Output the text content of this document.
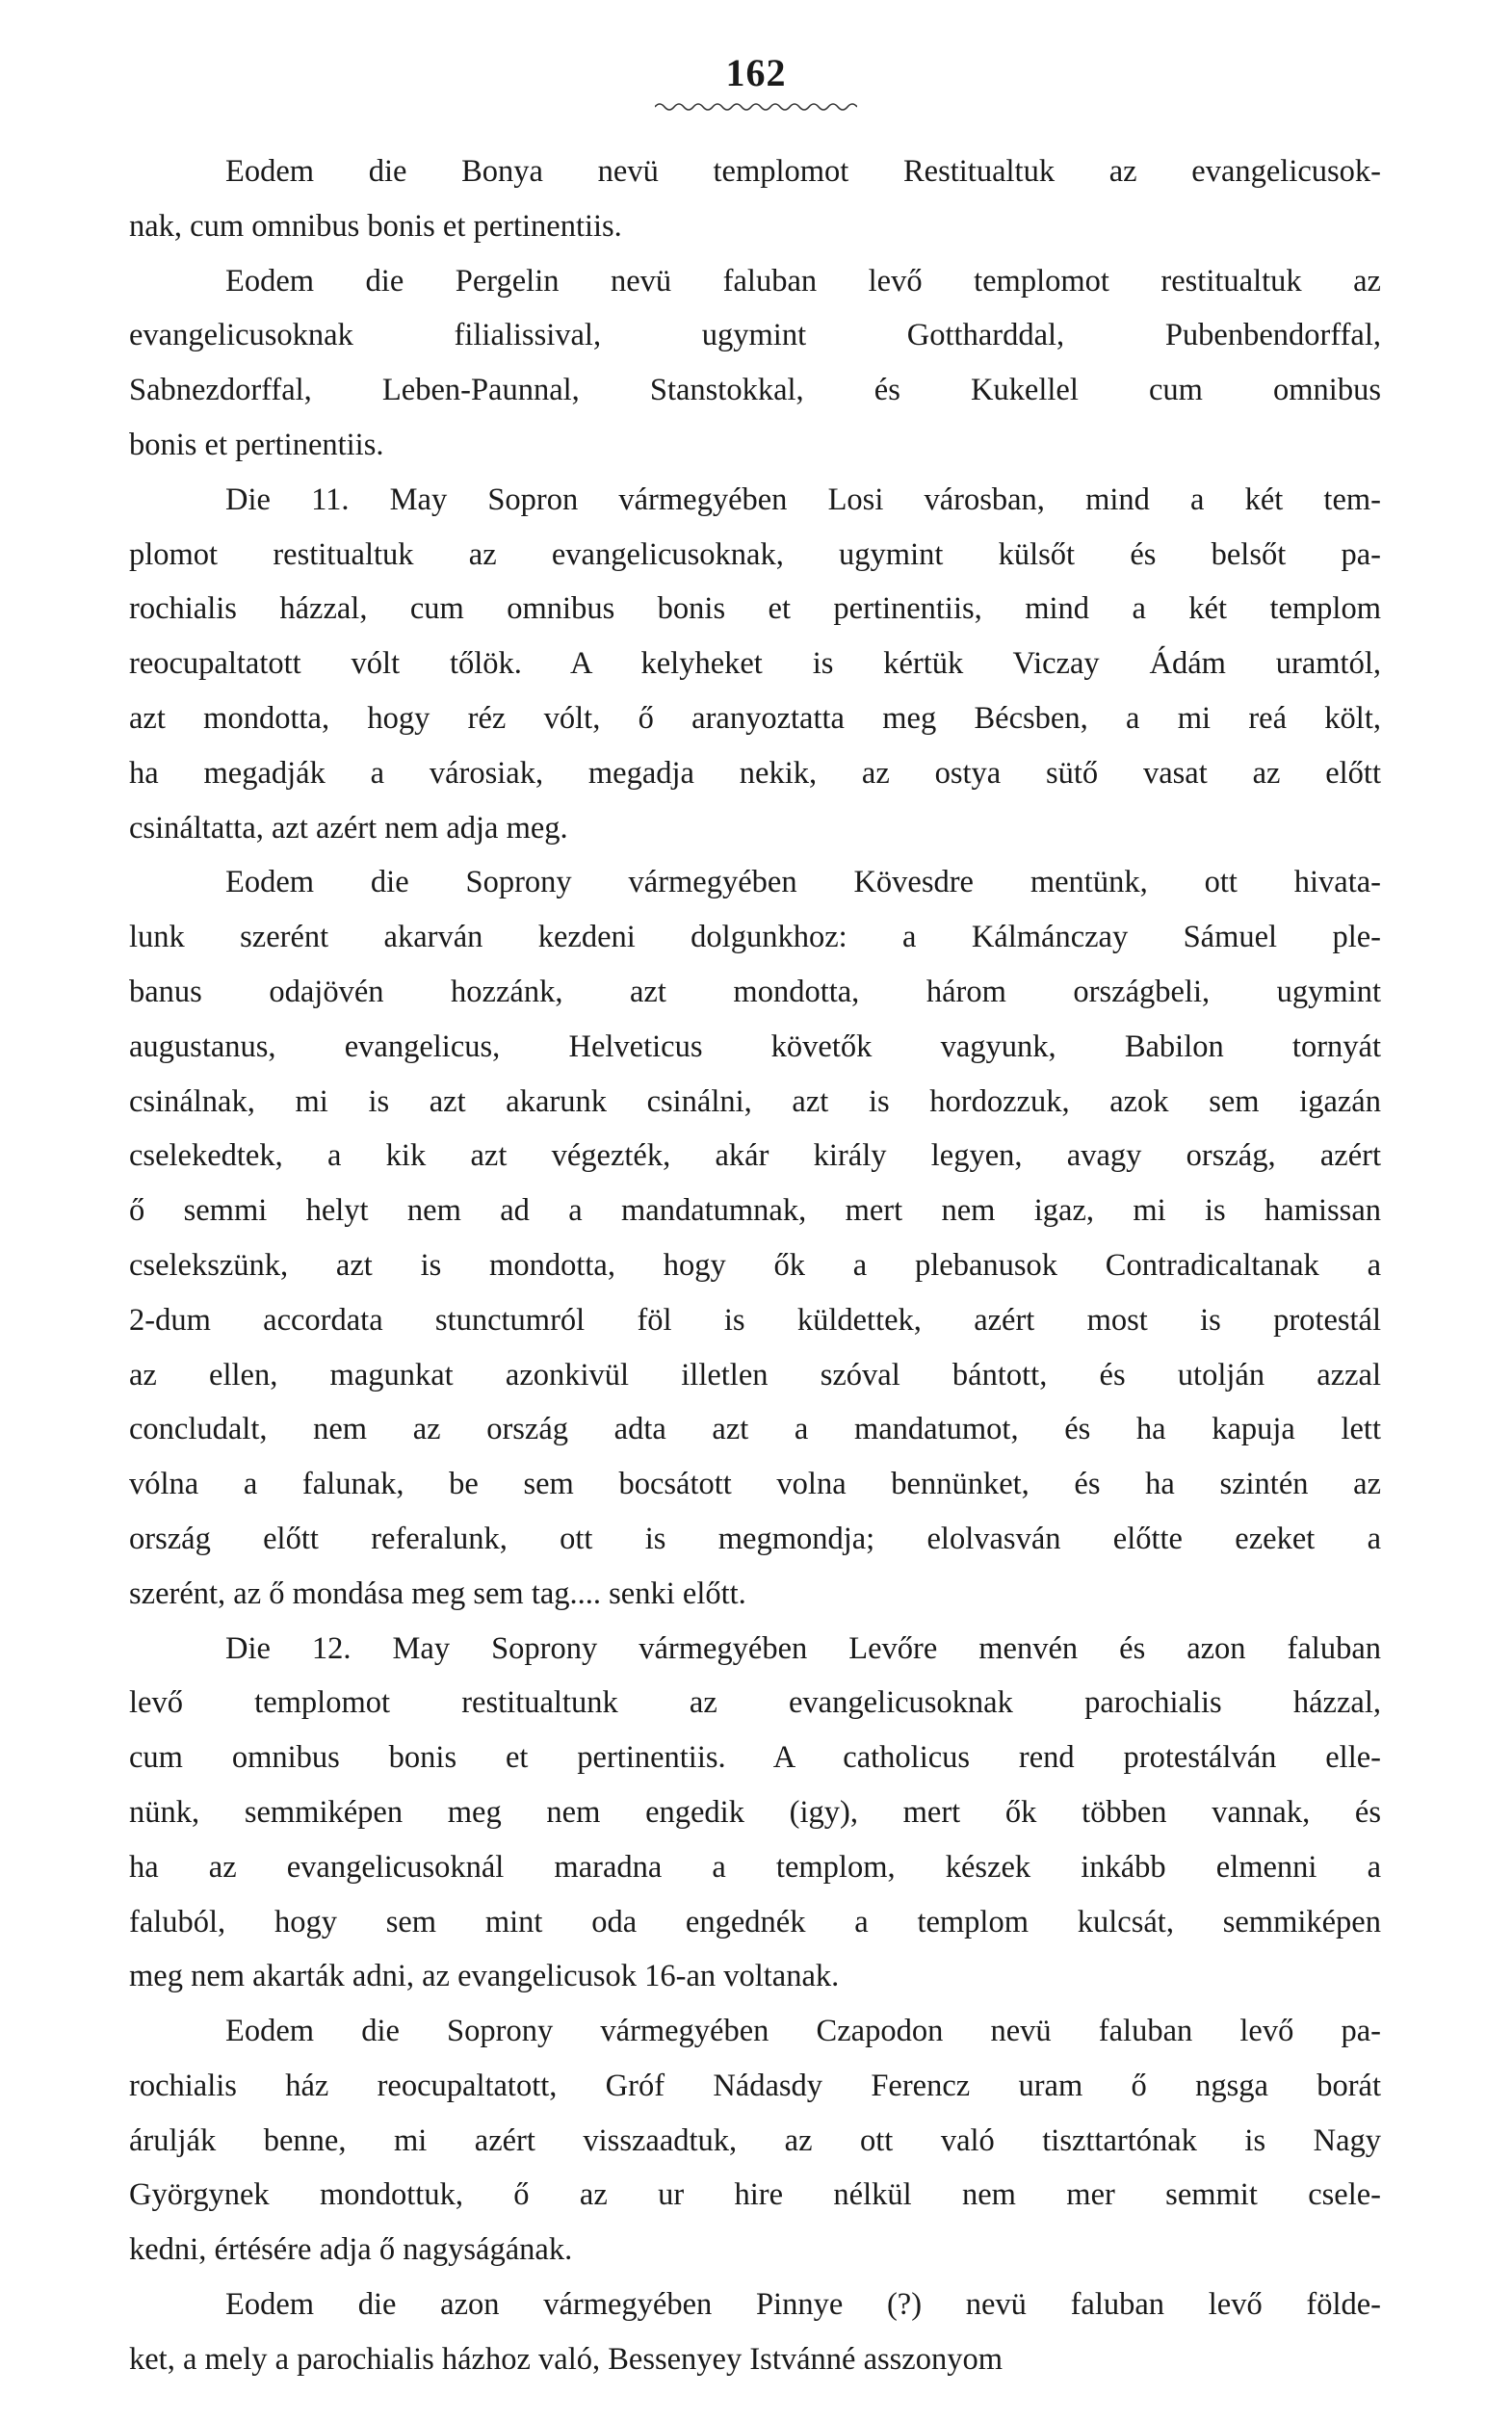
162
Eodem die Bonya nevü templomot Restitualtuk az evangelicusok-
nak, cum omnibus bonis et pertinentiis.
Eodem die Pergelin nevü faluban levő templomot restitualtuk az
evangelicusoknak filialissival, ugymint Gottharddal, Pubenbendorffal,
Sabnezdorffal, Leben-Paunnal, Stanstokkal, és Kukellel cum omnibus
bonis et pertinentiis.
Die 11. May Sopron vármegyében Losi városban, mind a két tem-
plomot restitualtuk az evangelicusoknak, ugymint külsőt és belsőt pa-
rochialis házzal, cum omnibus bonis et pertinentiis, mind a két templom
reocupaltatott vólt tőlök. A kelyheket is kértük Viczay Ádám uramtól,
azt mondotta, hogy réz vólt, ő aranyoztatta meg Bécsben, a mi reá költ,
ha megadják a városiak, megadja nekik, az ostya sütő vasat az előtt
csináltatta, azt azért nem adja meg.
Eodem die Soprony vármegyében Kövesdre mentünk, ott hivata-
lunk szerént akarván kezdeni dolgunkhoz: a Kálmánczay Sámuel ple-
banus odajövén hozzánk, azt mondotta, három országbeli, ugymint
augustanus, evangelicus, Helveticus követők vagyunk, Babilon tornyát
csinálnak, mi is azt akarunk csinálni, azt is hordozzuk, azok sem igazán
cselekedtek, a kik azt végezték, akár király legyen, avagy ország, azért
ő semmi helyt nem ad a mandatumnak, mert nem igaz, mi is hamissan
cselekszünk, azt is mondotta, hogy ők a plebanusok Contradicaltanak a
2-dum accordata stunctumról föl is küldettek, azért most is protestál
az ellen, magunkat azonkivül illetlen szóval bántott, és utolján azzal
concludalt, nem az ország adta azt a mandatumot, és ha kapuja lett
vólna a falunak, be sem bocsátott volna bennünket, és ha szintén az
ország előtt referalunk, ott is megmondja; elolvasván előtte ezeket a
szerént, az ő mondása meg sem tag.... senki előtt.
Die 12. May Soprony vármegyében Levőre menvén és azon faluban
levő templomot restitualtunk az evangelicusoknak parochialis házzal,
cum omnibus bonis et pertinentiis. A catholicus rend protestálván elle-
nünk, semmiképen meg nem engedik (igy), mert ők többen vannak, és
ha az evangelicusoknál maradna a templom, készek inkább elmenni a
faluból, hogy sem mint oda engednék a templom kulcsát, semmiképen
meg nem akarták adni, az evangelicusok 16-an voltanak.
Eodem die Soprony vármegyében Czapodon nevü faluban levő pa-
rochialis ház reocupaltatott, Gróf Nádasdy Ferencz uram ő ngsga borát
árulják benne, mi azért visszaadtuk, az ott való tiszttartónak is Nagy
Györgynek mondottuk, ő az ur hire nélkül nem mer semmit csele-
kedni, értésére adja ő nagyságának.
Eodem die azon vármegyében Pinnye (?) nevü faluban levő földe-
ket, a mely a parochialis házhoz való, Bessenyey Istvánné asszonyom
